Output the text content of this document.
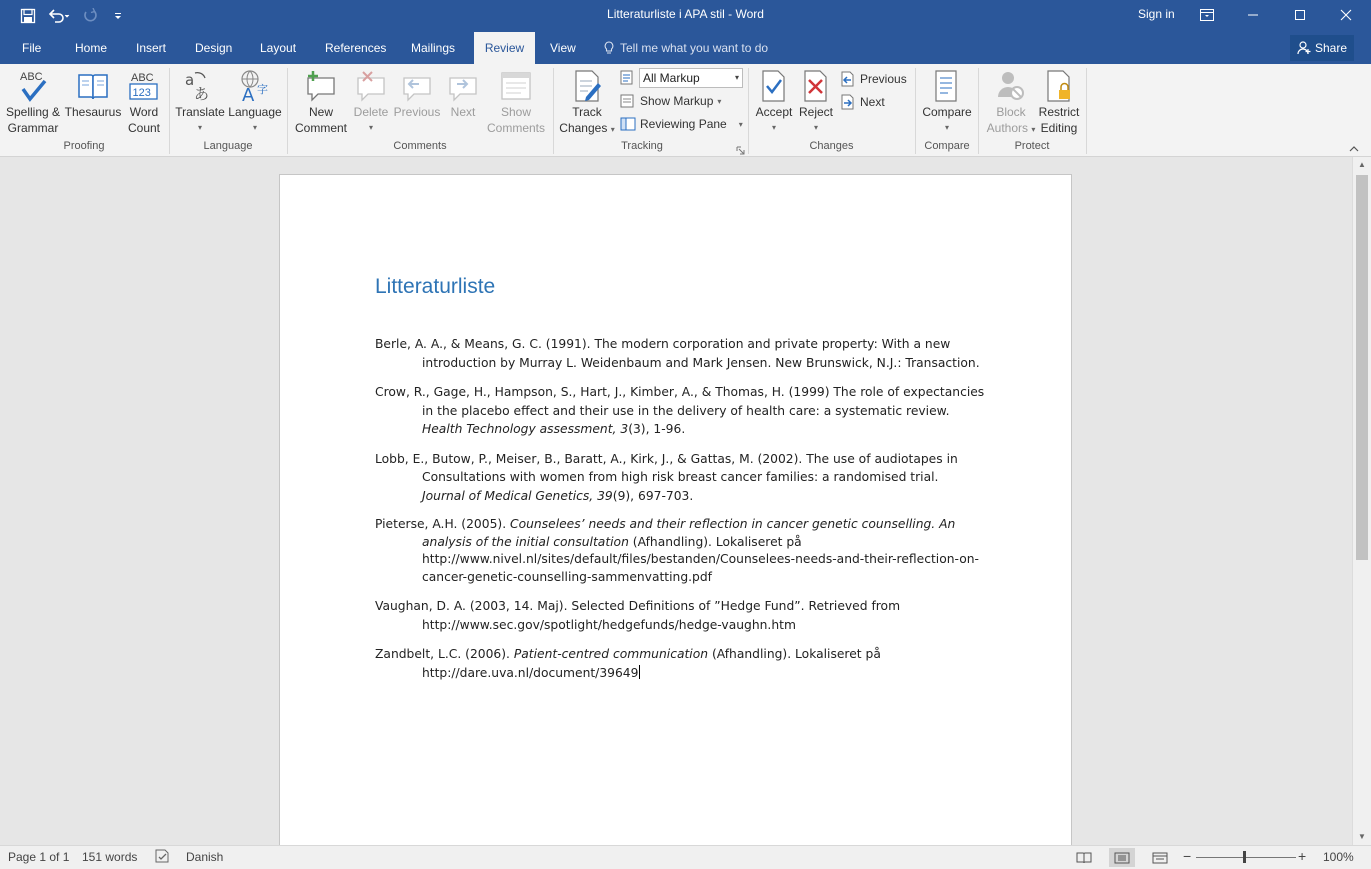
Litteraturliste i APA stil - Word	Sign in
File	Home	Insert	Design	Layout	References	Mailings	Review	View	Tell me what you want to do	Share
ABC
Spelling &
Grammar
Thesaurus
ABC
123
Word
Count
Proofing
a
あ
Translate
▾
A 字
Language
▾
Language
New
Comment
Delete
▾
Previous Next	Show
Comments
Comments
Track
Changes ▾
All Markup	▾
Show Markup ▾
Reviewing Pane ▾
Tracking
Accept
▾
Reject
▾
Previous
Next
Changes
Compare
▾
Compare
Block
Authors ▾
Restrict
Editing
Protect
Litteraturliste

Berle, A. A., & Means, G. C. (1991). The modern corporation and private property: With a new introduction by Murray L. Weidenbaum and Mark Jensen. New Brunswick, N.J.: Transaction.

Crow, R., Gage, H., Hampson, S., Hart, J., Kimber, A., & Thomas, H. (1999) The role of expectancies in the placebo effect and their use in the delivery of health care: a systematic review. Health Technology assessment, 3(3), 1-96.

Lobb, E., Butow, P., Meiser, B., Baratt, A., Kirk, J., & Gattas, M. (2002). The use of audiotapes in Consultations with women from high risk breast cancer families: a randomised trial. Journal of Medical Genetics, 39(9), 697-703.

Pieterse, A.H. (2005). Counselees’ needs and their reflection in cancer genetic counselling. An analysis of the initial consultation (Afhandling). Lokaliseret på http://www.nivel.nl/sites/default/files/bestanden/Counselees-needs-and-their-reflection-on-cancer-genetic-counselling-sammenvatting.pdf

Vaughan, D. A. (2003, 14. Maj). Selected Definitions of ”Hedge Fund”. Retrieved from http://www.sec.gov/spotlight/hedgefunds/hedge-vaughn.htm

Zandbelt, L.C. (2006). Patient-centred communication (Afhandling). Lokaliseret på http://dare.uva.nl/document/39649

▲
▼
Page 1 of 1 151 words	Danish	−	+ 100%
